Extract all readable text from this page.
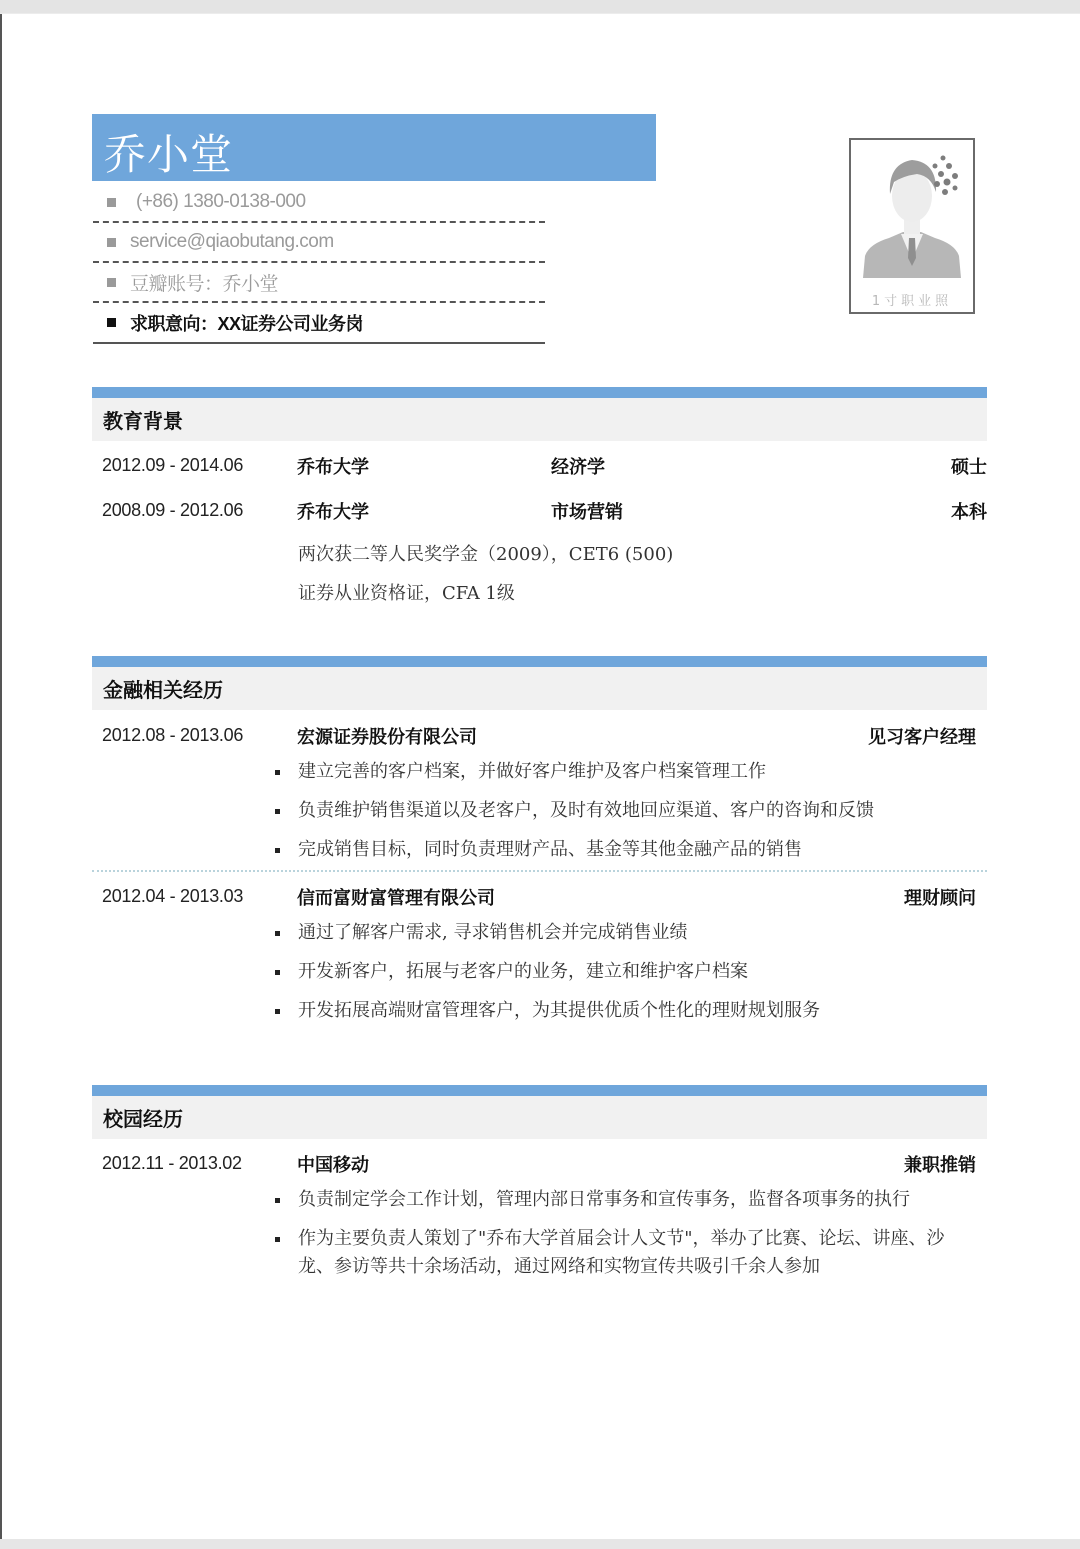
乔小堂
(+86) 1380-0138-000
service@qiaobutang.com
豆瓣账号：乔小堂
求职意向：XX证券公司业务岗
1寸职业照
教育背景
2012.09 - 2014.06	乔布大学	经济学	硕士
2008.09 - 2012.06	乔布大学	市场营销	本科
两次获二等人民奖学金（2009），CET6 (500)
证券从业资格证，CFA 1级
金融相关经历
2012.08 - 2013.06	宏源证券股份有限公司	见习客户经理
建立完善的客户档案，并做好客户维护及客户档案管理工作
负责维护销售渠道以及老客户，及时有效地回应渠道、客户的咨询和反馈
完成销售目标，同时负责理财产品、基金等其他金融产品的销售
2012.04 - 2013.03	信而富财富管理有限公司	理财顾问
通过了解客户需求, 寻求销售机会并完成销售业绩
开发新客户，拓展与老客户的业务，建立和维护客户档案
开发拓展高端财富管理客户，为其提供优质个性化的理财规划服务
校园经历
2012.11 - 2013.02	中国移动	兼职推销
负责制定学会工作计划，管理内部日常事务和宣传事务，监督各项事务的执行
作为主要负责人策划了"乔布大学首届会计人文节"，举办了比赛、论坛、讲座、沙龙、参访等共十余场活动，通过网络和实物宣传共吸引千余人参加
